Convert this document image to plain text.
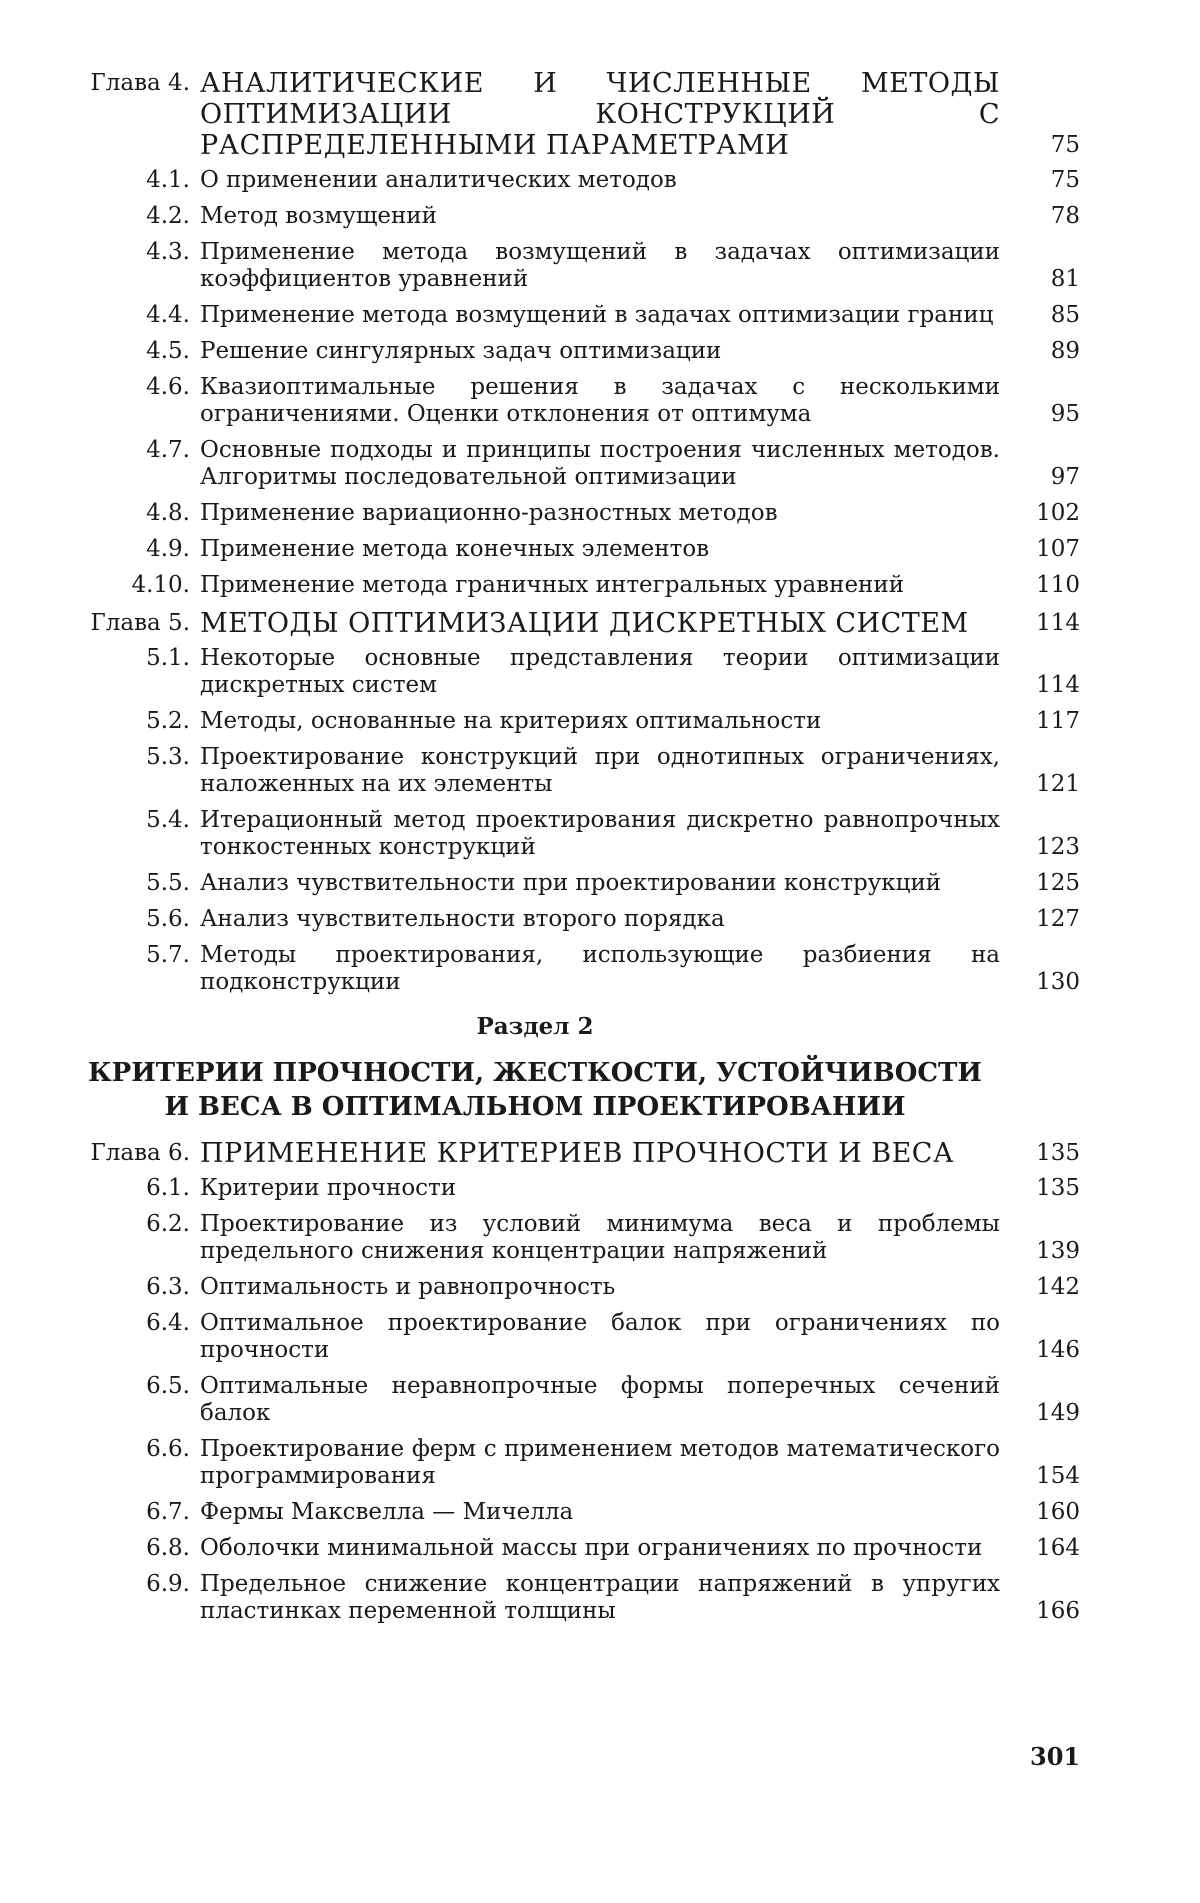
Глава 4. АНАЛИТИЧЕСКИЕ И ЧИСЛЕННЫЕ МЕТОДЫ ОПТИМИЗАЦИИ КОНСТРУКЦИЙ С РАСПРЕДЕЛЕННЫМИ ПАРАМЕТРАМИ	75
4.1. О применении аналитических методов	75
4.2. Метод возмущений	78
4.3. Применение метода возмущений в задачах оптимизации коэффициентов уравнений	81
4.4. Применение метода возмущений в задачах оптимизации границ	85
4.5. Решение сингулярных задач оптимизации	89
4.6. Квазиоптимальные решения в задачах с несколькими ограничениями. Оценки отклонения от оптимума	95
4.7. Основные подходы и принципы построения численных методов. Алгоритмы последовательной оптимизации	97
4.8. Применение вариационно-разностных методов	102
4.9. Применение метода конечных элементов	107
4.10. Применение метода граничных интегральных уравнений	110
Глава 5. МЕТОДЫ ОПТИМИЗАЦИИ ДИСКРЕТНЫХ СИСТЕМ	114
5.1. Некоторые основные представления теории оптимизации дискретных систем	114
5.2. Методы, основанные на критериях оптимальности	117
5.3. Проектирование конструкций при однотипных ограничениях, наложенных на их элементы	121
5.4. Итерационный метод проектирования дискретно равнопрочных тонкостенных конструкций	123
5.5. Анализ чувствительности при проектировании конструкций	125
5.6. Анализ чувствительности второго порядка	127
5.7. Методы проектирования, использующие разбиения на подконструкции	130
Раздел 2
КРИТЕРИИ ПРОЧНОСТИ, ЖЕСТКОСТИ, УСТОЙЧИВОСТИ
И ВЕСА В ОПТИМАЛЬНОМ ПРОЕКТИРОВАНИИ
Глава 6. ПРИМЕНЕНИЕ КРИТЕРИЕВ ПРОЧНОСТИ И ВЕСА	135
6.1. Критерии прочности	135
6.2. Проектирование из условий минимума веса и проблемы предельного снижения концентрации напряжений	139
6.3. Оптимальность и равнопрочность	142
6.4. Оптимальное проектирование балок при ограничениях по прочности	146
6.5. Оптимальные неравнопрочные формы поперечных сечений балок	149
6.6. Проектирование ферм с применением методов математического программирования	154
6.7. Фермы Максвелла — Мичелла	160
6.8. Оболочки минимальной массы при ограничениях по прочности	164
6.9. Предельное снижение концентрации напряжений в упругих пластинках переменной толщины	166
301
